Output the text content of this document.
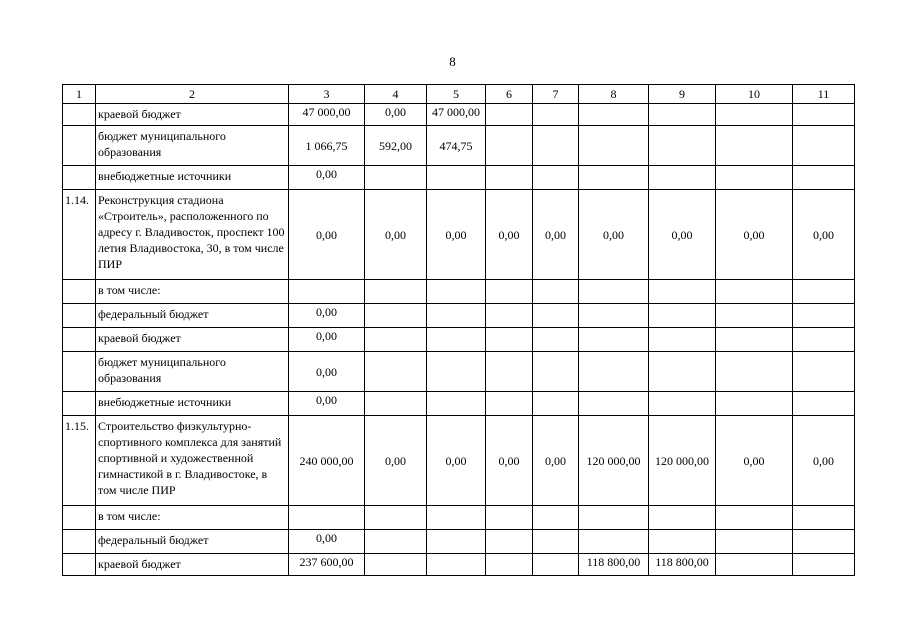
8
1	2	3	4	5	6	7	8	9	10	11
	краевой бюджет	47 000,00	0,00	47 000,00						
	бюджет муниципального образования	1 066,75	592,00	474,75						
	внебюджетные источники	0,00								
1.14.	Реконструкция стадиона «Строитель», расположенного по адресу г. Владивосток, проспект 100 летия Владивостока, 30, в том числе ПИР	0,00	0,00	0,00	0,00	0,00	0,00	0,00	0,00	0,00
	в том числе:									
	федеральный бюджет	0,00								
	краевой бюджет	0,00								
	бюджет муниципального образования	0,00								
	внебюджетные источники	0,00								
1.15.	Строительство физкультурно-спортивного комплекса для занятий спортивной и художественной гимнастикой в г. Владивостоке, в том числе ПИР	240 000,00	0,00	0,00	0,00	0,00	120 000,00	120 000,00	0,00	0,00
	в том числе:									
	федеральный бюджет	0,00								
	краевой бюджет	237 600,00					118 800,00	118 800,00		
